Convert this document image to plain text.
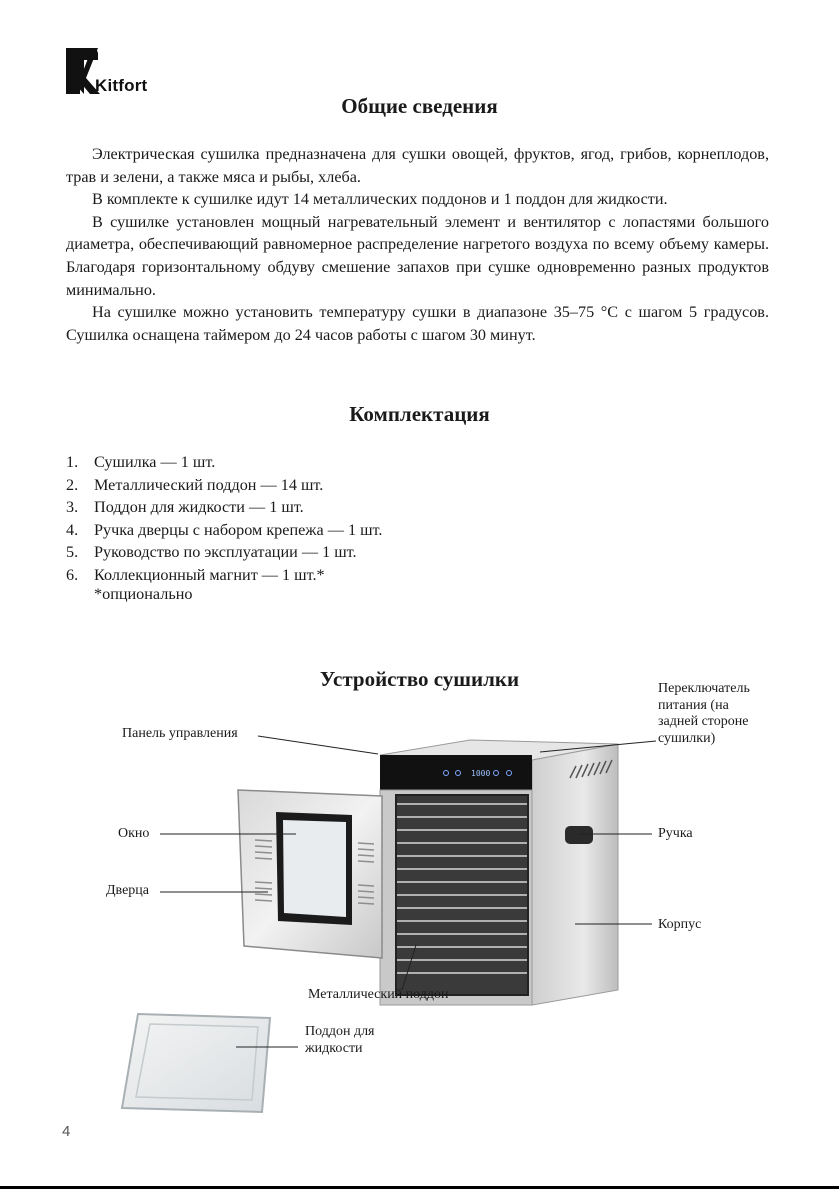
Kitfort
Общие сведения

Электрическая сушилка предназначена для сушки овощей, фруктов, ягод, грибов, корнеплодов, трав и зелени, а также мяса и рыбы, хлеба.

В комплекте к сушилке идут 14 металлических поддонов и 1 поддон для жидкости.

В сушилке установлен мощный нагревательный элемент и вентилятор с лопастями большого диаметра, обеспечивающий равномерное распределение нагретого воздуха по всему объему камеры. Благодаря горизонтальному обдуву смешение запахов при сушке одновременно разных продуктов минимально.

На сушилке можно установить температуру сушки в диапазоне 35–75 °C с шагом 5 градусов. Сушилка оснащена таймером до 24 часов работы с шагом 30 минут.

Комплектация
1. Сушилка — 1 шт.
2. Металлический поддон — 14 шт.
3. Поддон для жидкости — 1 шт.
4. Ручка дверцы с набором крепежа — 1 шт.
5. Руководство по эксплуатации — 1 шт.
6. Коллекционный магнит — 1 шт.*
*опционально
Устройство сушилки
1000
Панель управления
Переключатель
питания (на
задней стороне
сушилки)
Окно
Дверца
Ручка
Корпус
Металлический поддон
Поддон для
жидкости
4
